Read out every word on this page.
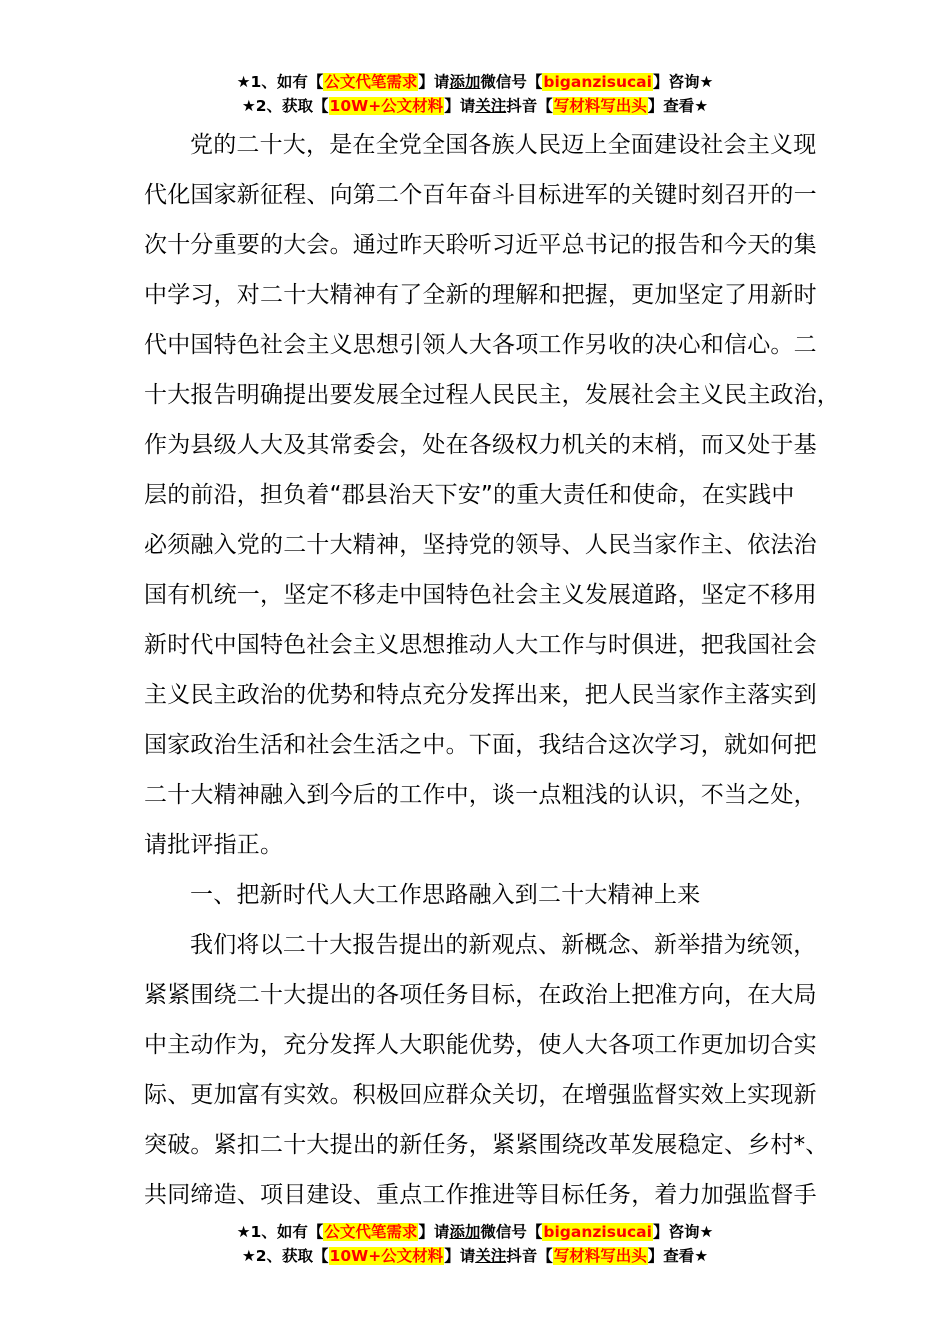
★1、如有【公文代笔需求】请添加微信号【biganzisucai】咨询★
★2、获取【10W+公文材料】请关注抖音【写材料写出头】查看★

党的二十大，是在全党全国各族人民迈上全面建设社会主义现
代化国家新征程、向第二个百年奋斗目标进军的关键时刻召开的一
次十分重要的大会。通过昨天聆听习近平总书记的报告和今天的集
中学习，对二十大精神有了全新的理解和把握，更加坚定了用新时
代中国特色社会主义思想引领人大各项工作另收的决心和信心。二
十大报告明确提出要发展全过程人民民主，发展社会主义民主政治，
作为县级人大及其常委会，处在各级权力机关的末梢，而又处于基
层的前沿，担负着“郡县治天下安”的重大责任和使命，在实践中
必须融入党的二十大精神，坚持党的领导、人民当家作主、依法治
国有机统一，坚定不移走中国特色社会主义发展道路，坚定不移用
新时代中国特色社会主义思想推动人大工作与时俱进，把我国社会
主义民主政治的优势和特点充分发挥出来，把人民当家作主落实到
国家政治生活和社会生活之中。下面，我结合这次学习，就如何把
二十大精神融入到今后的工作中，谈一点粗浅的认识，不当之处，
请批评指正。

一、把新时代人大工作思路融入到二十大精神上来

我们将以二十大报告提出的新观点、新概念、新举措为统领，
紧紧围绕二十大提出的各项任务目标，在政治上把准方向，在大局
中主动作为，充分发挥人大职能优势，使人大各项工作更加切合实
际、更加富有实效。积极回应群众关切，在增强监督实效上实现新
突破。紧扣二十大提出的新任务，紧紧围绕改革发展稳定、乡村*、
共同缔造、项目建设、重点工作推进等目标任务，着力加强监督手

★1、如有【公文代笔需求】请添加微信号【biganzisucai】咨询★
★2、获取【10W+公文材料】请关注抖音【写材料写出头】查看★
